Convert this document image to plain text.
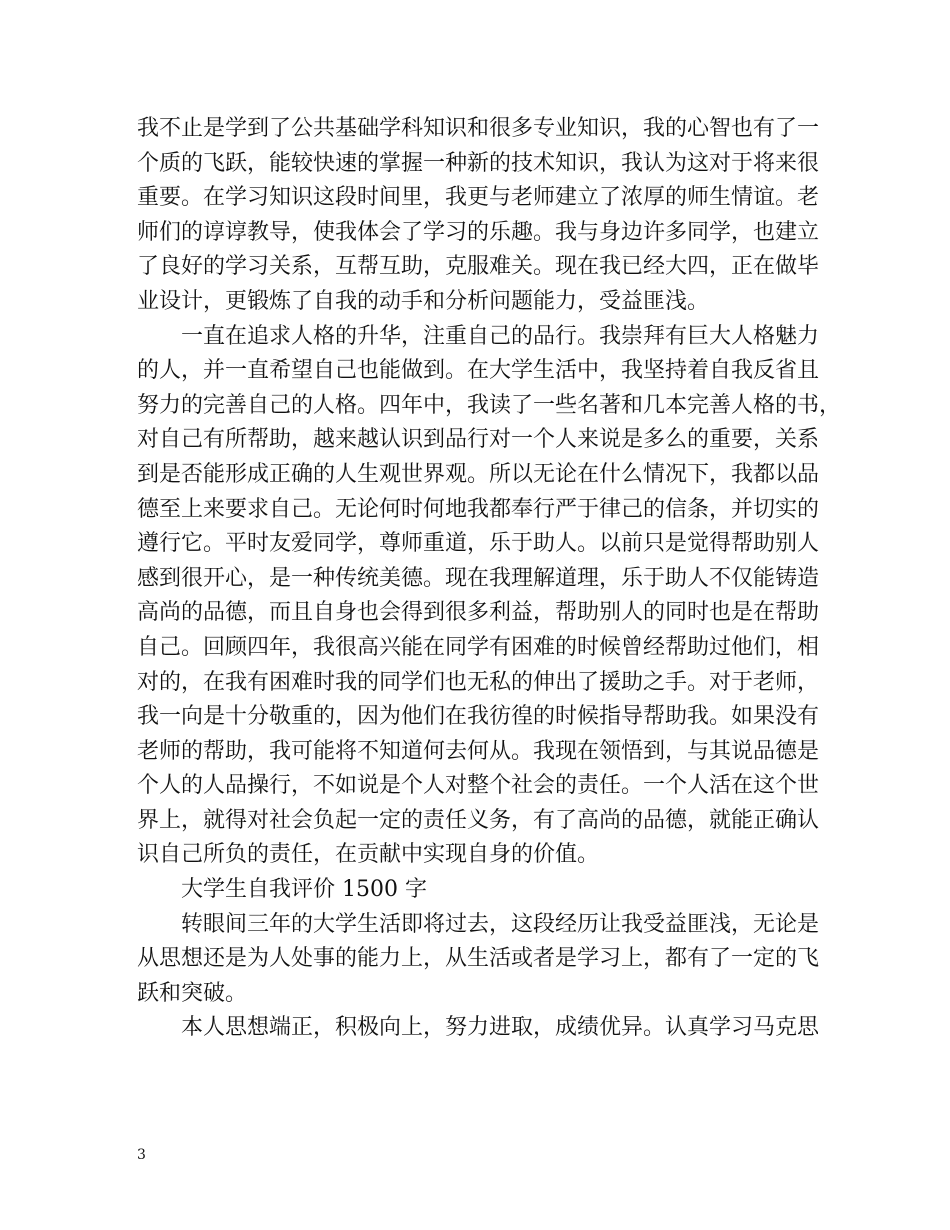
我不止是学到了公共基础学科知识和很多专业知识，我的心智也有了一
个质的飞跃，能较快速的掌握一种新的技术知识，我认为这对于将来很
重要。在学习知识这段时间里，我更与老师建立了浓厚的师生情谊。老
师们的谆谆教导，使我体会了学习的乐趣。我与身边许多同学，也建立
了良好的学习关系，互帮互助，克服难关。现在我已经大四，正在做毕
业设计，更锻炼了自我的动手和分析问题能力，受益匪浅。
一直在追求人格的升华，注重自己的品行。我崇拜有巨大人格魅力
的人，并一直希望自己也能做到。在大学生活中，我坚持着自我反省且
努力的完善自己的人格。四年中，我读了一些名著和几本完善人格的书，
对自己有所帮助，越来越认识到品行对一个人来说是多么的重要，关系
到是否能形成正确的人生观世界观。所以无论在什么情况下，我都以品
德至上来要求自己。无论何时何地我都奉行严于律己的信条，并切实的
遵行它。平时友爱同学，尊师重道，乐于助人。以前只是觉得帮助别人
感到很开心，是一种传统美德。现在我理解道理，乐于助人不仅能铸造
高尚的品德，而且自身也会得到很多利益，帮助别人的同时也是在帮助
自己。回顾四年，我很高兴能在同学有困难的时候曾经帮助过他们，相
对的，在我有困难时我的同学们也无私的伸出了援助之手。对于老师，
我一向是十分敬重的，因为他们在我彷徨的时候指导帮助我。如果没有
老师的帮助，我可能将不知道何去何从。我现在领悟到，与其说品德是
个人的人品操行，不如说是个人对整个社会的责任。一个人活在这个世
界上，就得对社会负起一定的责任义务，有了高尚的品德，就能正确认
识自己所负的责任，在贡献中实现自身的价值。
大学生自我评价 1500 字
转眼间三年的大学生活即将过去，这段经历让我受益匪浅，无论是
从思想还是为人处事的能力上，从生活或者是学习上，都有了一定的飞
跃和突破。
本人思想端正，积极向上，努力进取，成绩优异。认真学习马克思
3
